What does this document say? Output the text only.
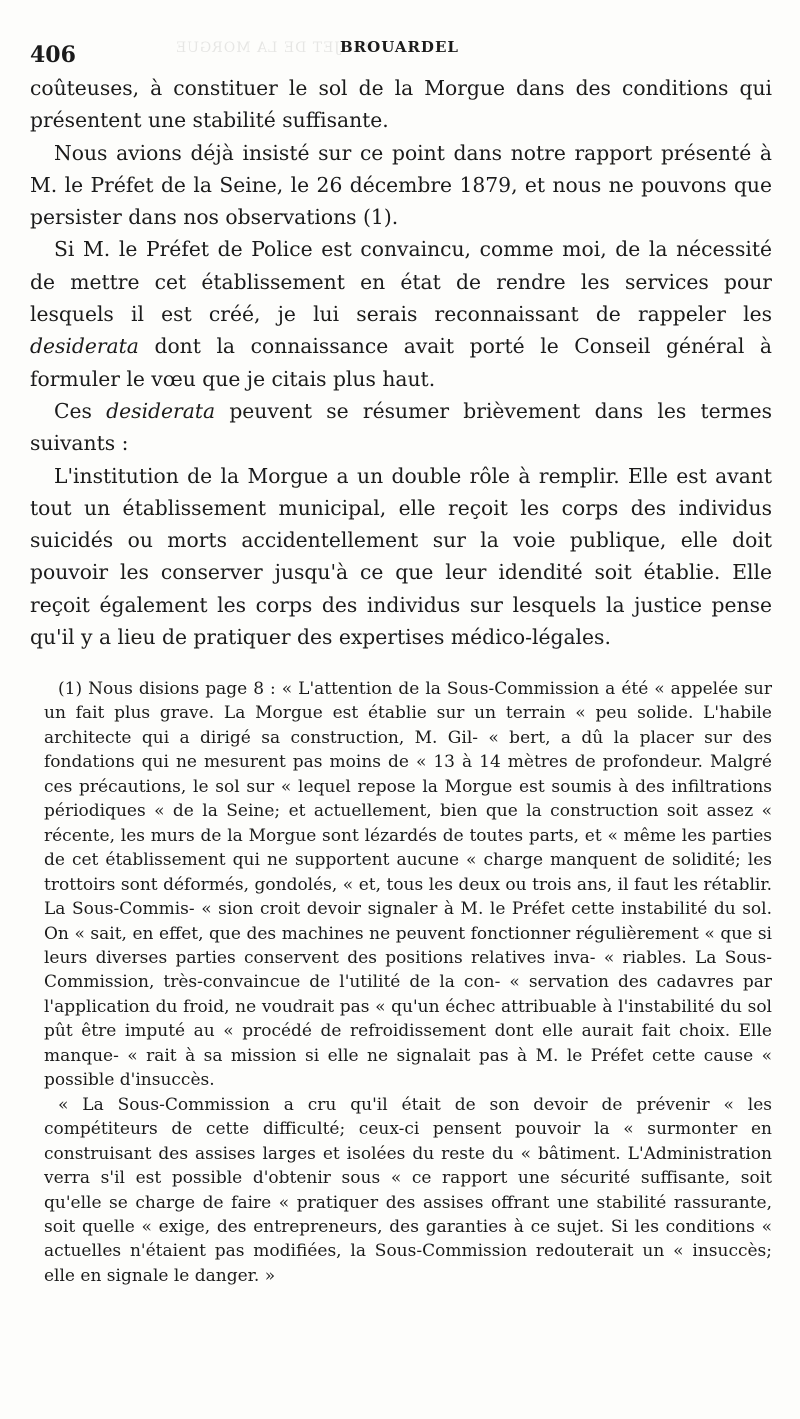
PROJET DE LA MORGUE
406	BROUARDEL

coûteuses, à constituer le sol de la Morgue dans des conditions qui présentent une stabilité suffisante.

Nous avions déjà insisté sur ce point dans notre rapport présenté à M. le Préfet de la Seine, le 26 décembre 1879, et nous ne pouvons que persister dans nos observations (1).

Si M. le Préfet de Police est convaincu, comme moi, de la nécessité de mettre cet établissement en état de rendre les services pour lesquels il est créé, je lui serais reconnaissant de rappeler les desiderata dont la connaissance avait porté le Conseil général à formuler le vœu que je citais plus haut.

Ces desiderata peuvent se résumer brièvement dans les termes suivants :

L'institution de la Morgue a un double rôle à remplir. Elle est avant tout un établissement municipal, elle reçoit les corps des individus suicidés ou morts accidentellement sur la voie publique, elle doit pouvoir les conserver jusqu'à ce que leur idendité soit établie. Elle reçoit également les corps des individus sur lesquels la justice pense qu'il y a lieu de pratiquer des expertises médico-légales.

(1) Nous disions page 8 : « L'attention de la Sous-Commission a été « appelée sur un fait plus grave. La Morgue est établie sur un terrain « peu solide. L'habile architecte qui a dirigé sa construction, M. Gil- « bert, a dû la placer sur des fondations qui ne mesurent pas moins de « 13 à 14 mètres de profondeur. Malgré ces précautions, le sol sur « lequel repose la Morgue est soumis à des infiltrations périodiques « de la Seine; et actuellement, bien que la construction soit assez « récente, les murs de la Morgue sont lézardés de toutes parts, et « même les parties de cet établissement qui ne supportent aucune « charge manquent de solidité; les trottoirs sont déformés, gondolés, « et, tous les deux ou trois ans, il faut les rétablir. La Sous-Commis- « sion croit devoir signaler à M. le Préfet cette instabilité du sol. On « sait, en effet, que des machines ne peuvent fonctionner régulièrement « que si leurs diverses parties conservent des positions relatives inva- « riables. La Sous-Commission, très-convaincue de l'utilité de la con- « servation des cadavres par l'application du froid, ne voudrait pas « qu'un échec attribuable à l'instabilité du sol pût être imputé au « procédé de refroidissement dont elle aurait fait choix. Elle manque- « rait à sa mission si elle ne signalait pas à M. le Préfet cette cause « possible d'insuccès.

« La Sous-Commission a cru qu'il était de son devoir de prévenir « les compétiteurs de cette difficulté; ceux-ci pensent pouvoir la « surmonter en construisant des assises larges et isolées du reste du « bâtiment. L'Administration verra s'il est possible d'obtenir sous « ce rapport une sécurité suffisante, soit qu'elle se charge de faire « pratiquer des assises offrant une stabilité rassurante, soit quelle « exige, des entrepreneurs, des garanties à ce sujet. Si les conditions « actuelles n'étaient pas modifiées, la Sous-Commission redouterait un « insuccès; elle en signale le danger. »
